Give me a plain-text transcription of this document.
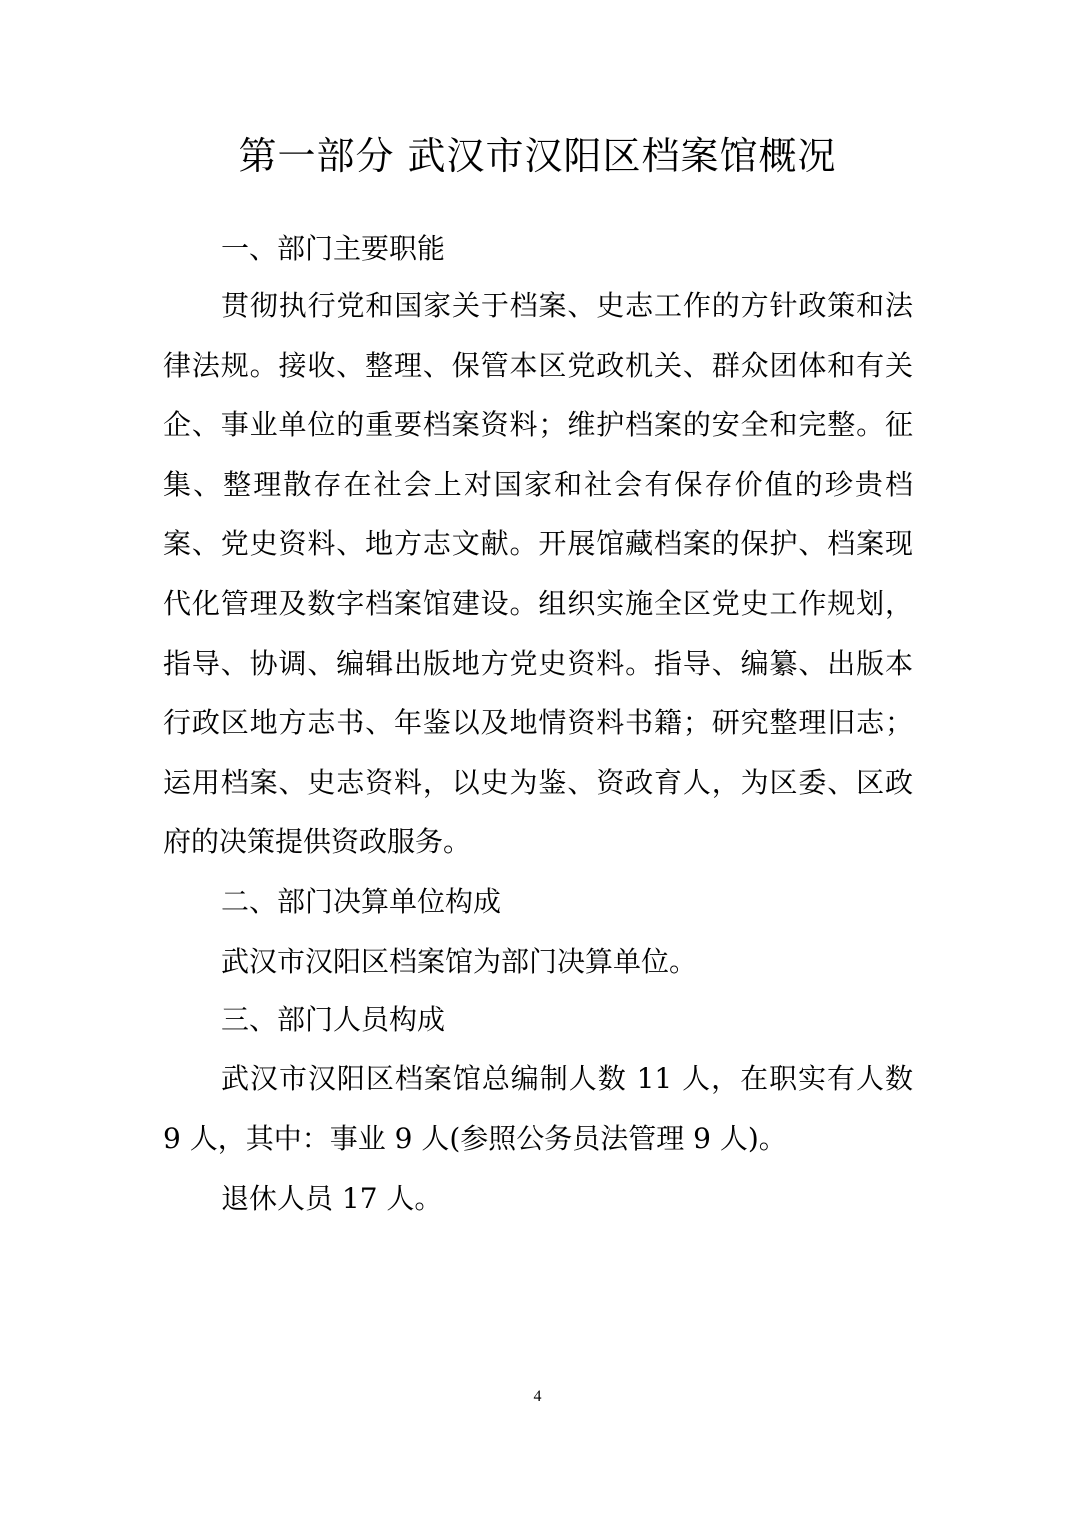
第一部分 武汉市汉阳区档案馆概况
一、部门主要职能

贯彻执行党和国家关于档案、史志工作的方针政策和法律法规。接收、整理、保管本区党政机关、群众团体和有关企、事业单位的重要档案资料；维护档案的安全和完整。征集、整理散存在社会上对国家和社会有保存价值的珍贵档案、党史资料、地方志文献。开展馆藏档案的保护、档案现代化管理及数字档案馆建设。组织实施全区党史工作规划， 指导、协调、编辑出版地方党史资料。指导、编纂、出版本行政区地方志书、年鉴以及地情资料书籍；研究整理旧志；运用档案、史志资料，以史为鉴、资政育人，为区委、区政府的决策提供资政服务。

二、部门决算单位构成
武汉市汉阳区档案馆为部门决算单位。
三、部门人员构成

武汉市汉阳区档案馆总编制人数 11 人，在职实有人数 9 人，其中：事业 9 人(参照公务员法管理 9 人)。

退休人员 17 人。
4
